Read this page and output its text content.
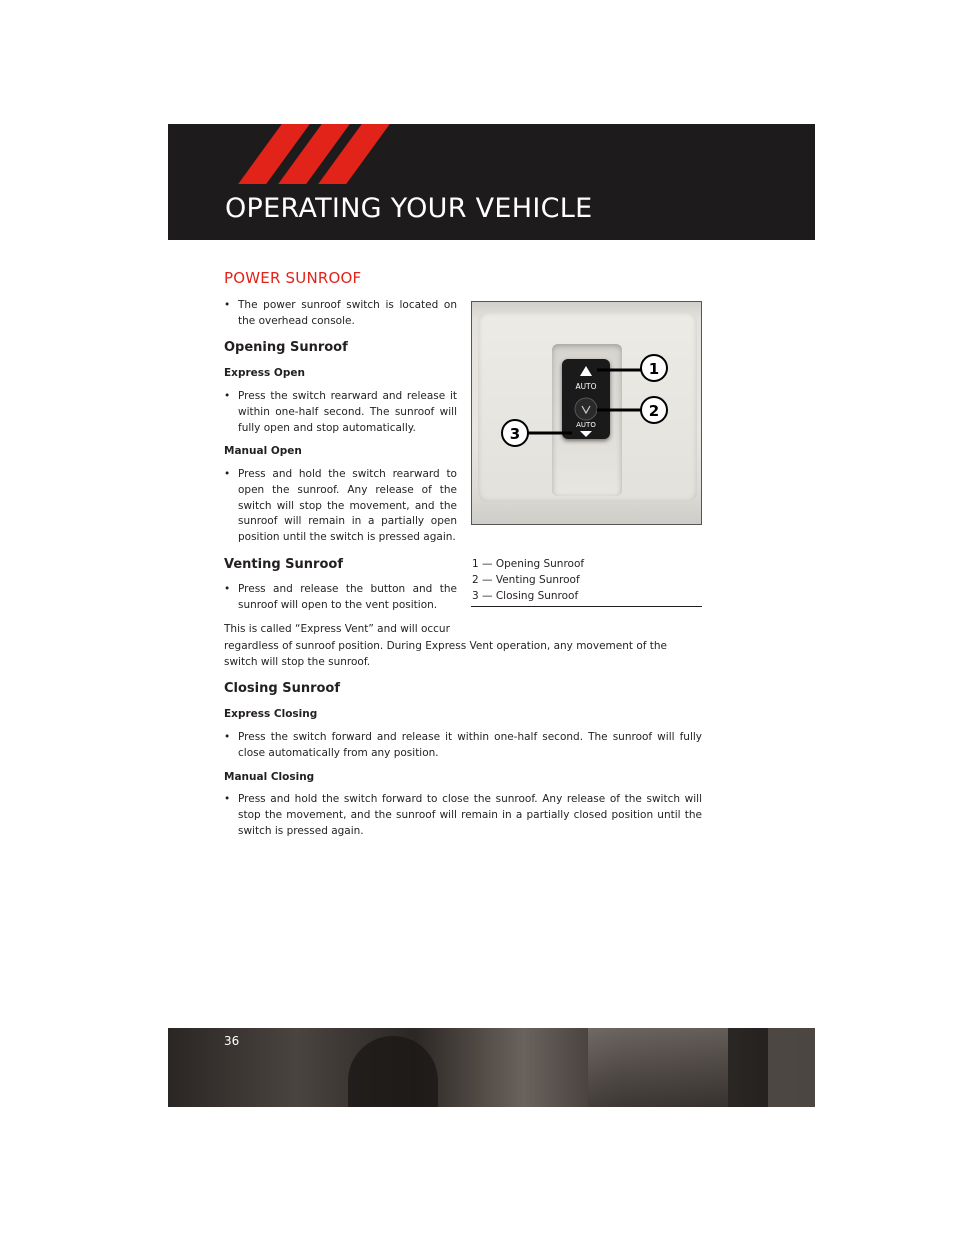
OPERATING YOUR VEHICLE
POWER SUNROOF
• The power sunroof switch is located on the overhead console.
Opening Sunroof
Express Open
• Press the switch rearward and release it within one-half second. The sunroof will fully open and stop automatically.
Manual Open
• Press and hold the switch rearward to open the sunroof. Any release of the switch will stop the movement, and the sunroof will remain in a partially open position until the switch is pressed again.
Venting Sunroof
• Press and release the button and the sunroof will open to the vent position.
This is called “Express Vent” and will occur
regardless of sunroof position. During Express Vent operation, any movement of the switch will stop the sunroof.
Closing Sunroof
Express Closing
• Press the switch forward and release it within one-half second. The sunroof will fully close automatically from any position.
Manual Closing
• Press and hold the switch forward to close the sunroof. Any release of the switch will stop the movement, and the sunroof will remain in a partially closed position until the switch is pressed again.
AUTO
AUTO
1
2
3
1 — Opening Sunroof
2 — Venting Sunroof
3 — Closing Sunroof
36
